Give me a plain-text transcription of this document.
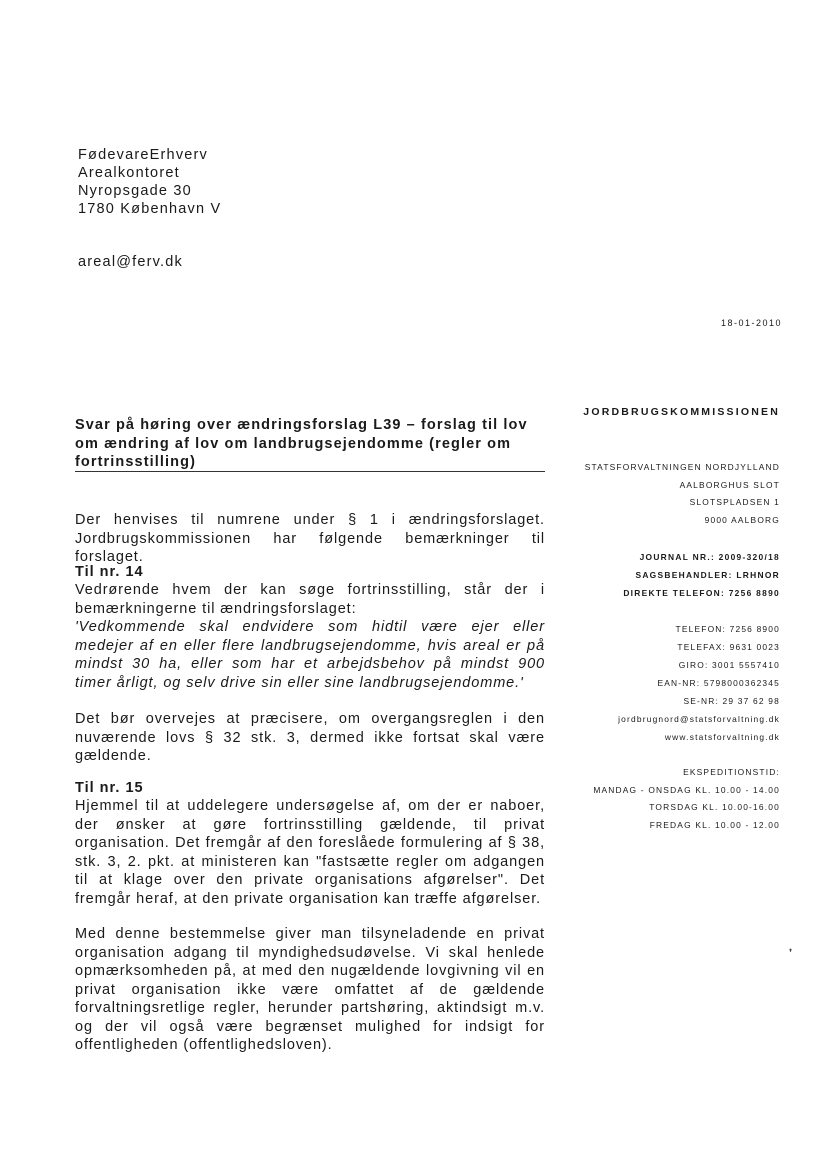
FødevareErhverv
Arealkontoret
Nyropsgade 30
1780 København V
areal@ferv.dk
18-01-2010
Svar på høring over ændringsforslag L39 – forslag til lov om ændring af lov om landbrugsejendomme (regler om fortrinsstilling)
Der henvises til numrene under § 1 i ændringsforslaget. Jordbrugskommissionen har følgende bemærkninger til forslaget.
Til nr. 14

Vedrørende hvem der kan søge fortrinsstilling, står der i bemærkningerne til ændringsforslaget:

'Vedkommende skal endvidere som hidtil være ejer eller medejer af en eller flere landbrugsejendomme, hvis areal er på mindst 30 ha, eller som har et arbejdsbehov på mindst 900 timer årligt, og selv drive sin eller sine landbrugsejendomme.'

Det bør overvejes at præcisere, om overgangsreglen i den nuværende lovs § 32 stk. 3, dermed ikke fortsat skal være gældende.

Til nr. 15
Hjemmel til at uddelegere undersøgelse af, om der er naboer, der ønsker at gøre fortrinsstilling gældende, til privat organisation. Det fremgår af den foreslåede formulering af § 38, stk. 3, 2. pkt. at ministeren kan "fastsætte regler om adgangen til at klage over den private organisations afgørelser". Det fremgår heraf, at den private organisation kan træffe afgørelser.
Med denne bestemmelse giver man tilsyneladende en privat organisation adgang til myndighedsudøvelse. Vi skal henlede opmærksomheden på, at med den nugældende lovgivning vil en privat organisation ikke være omfattet af de gældende forvaltningsretlige regler, herunder partshøring, aktindsigt m.v. og der vil også være begrænset mulighed for indsigt for offentligheden (offentlighedsloven).
JORDBRUGSKOMMISSIONEN
STATSFORVALTNINGEN NORDJYLLAND
AALBORGHUS SLOT
SLOTSPLADSEN 1
9000 AALBORG
JOURNAL NR.: 2009-320/18
SAGSBEHANDLER: LRHNOR
DIREKTE TELEFON: 7256 8890
TELEFON: 7256 8900
TELEFAX: 9631 0023
GIRO: 3001 5557410
EAN-NR: 5798000362345
SE-NR: 29 37 62 98
jordbrugnord@statsforvaltning.dk
www.statsforvaltning.dk
EKSPEDITIONSTID:
MANDAG - ONSDAG KL. 10.00 - 14.00
TORSDAG KL. 10.00-16.00
FREDAG KL. 10.00 - 12.00
❜
